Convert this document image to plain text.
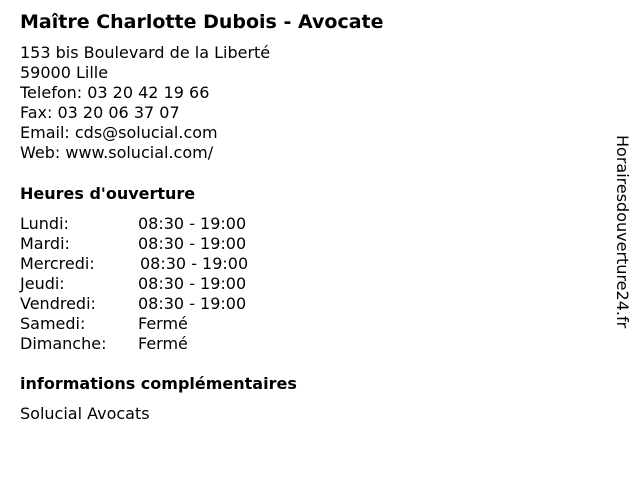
Maître Charlotte Dubois - Avocate
153 bis Boulevard de la Liberté
59000 Lille
Telefon: 03 20 42 19 66
Fax: 03 20 06 37 07
Email: cds@solucial.com
Web: www.solucial.com/
Heures d'ouverture
Lundi:	08:30 - 19:00
Mardi:	08:30 - 19:00
Mercredi:	08:30 - 19:00
Jeudi:	08:30 - 19:00
Vendredi:	08:30 - 19:00
Samedi:	Fermé
Dimanche: Fermé
informations complémentaires
Solucial Avocats
Horairesdouverture24.fr
